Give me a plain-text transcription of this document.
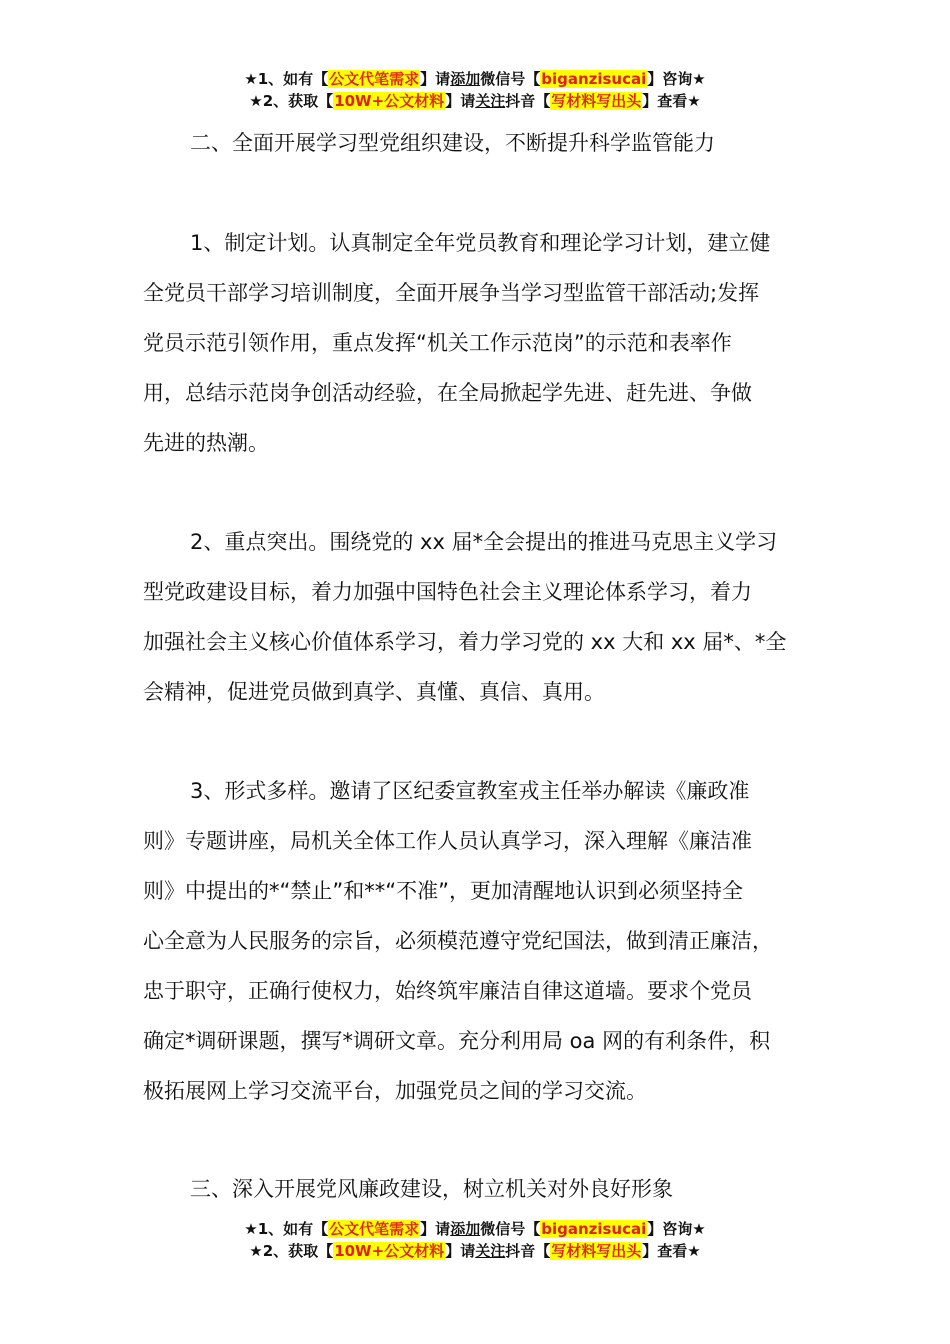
★1、如有【公文代笔需求】请添加微信号【biganzisucai】咨询★
★2、获取【10W+公文材料】请关注抖音【写材料写出头】查看★
二、全面开展学习型党组织建设，不断提升科学监管能力
1、制定计划。认真制定全年党员教育和理论学习计划，建立健
全党员干部学习培训制度，全面开展争当学习型监管干部活动;发挥
党员示范引领作用，重点发挥“机关工作示范岗”的示范和表率作
用，总结示范岗争创活动经验，在全局掀起学先进、赶先进、争做
先进的热潮。
2、重点突出。围绕党的 xx 届*全会提出的推进马克思主义学习
型党政建设目标，着力加强中国特色社会主义理论体系学习，着力
加强社会主义核心价值体系学习，着力学习党的 xx 大和 xx 届*、*全
会精神，促进党员做到真学、真懂、真信、真用。
3、形式多样。邀请了区纪委宣教室戎主任举办解读《廉政准
则》专题讲座，局机关全体工作人员认真学习，深入理解《廉洁准
则》中提出的*“禁止”和**“不准”，更加清醒地认识到必须坚持全
心全意为人民服务的宗旨，必须模范遵守党纪国法，做到清正廉洁，
忠于职守，正确行使权力，始终筑牢廉洁自律这道墙。要求个党员
确定*调研课题，撰写*调研文章。充分利用局 oa 网的有利条件，积
极拓展网上学习交流平台，加强党员之间的学习交流。
三、深入开展党风廉政建设，树立机关对外良好形象
★1、如有【公文代笔需求】请添加微信号【biganzisucai】咨询★
★2、获取【10W+公文材料】请关注抖音【写材料写出头】查看★
